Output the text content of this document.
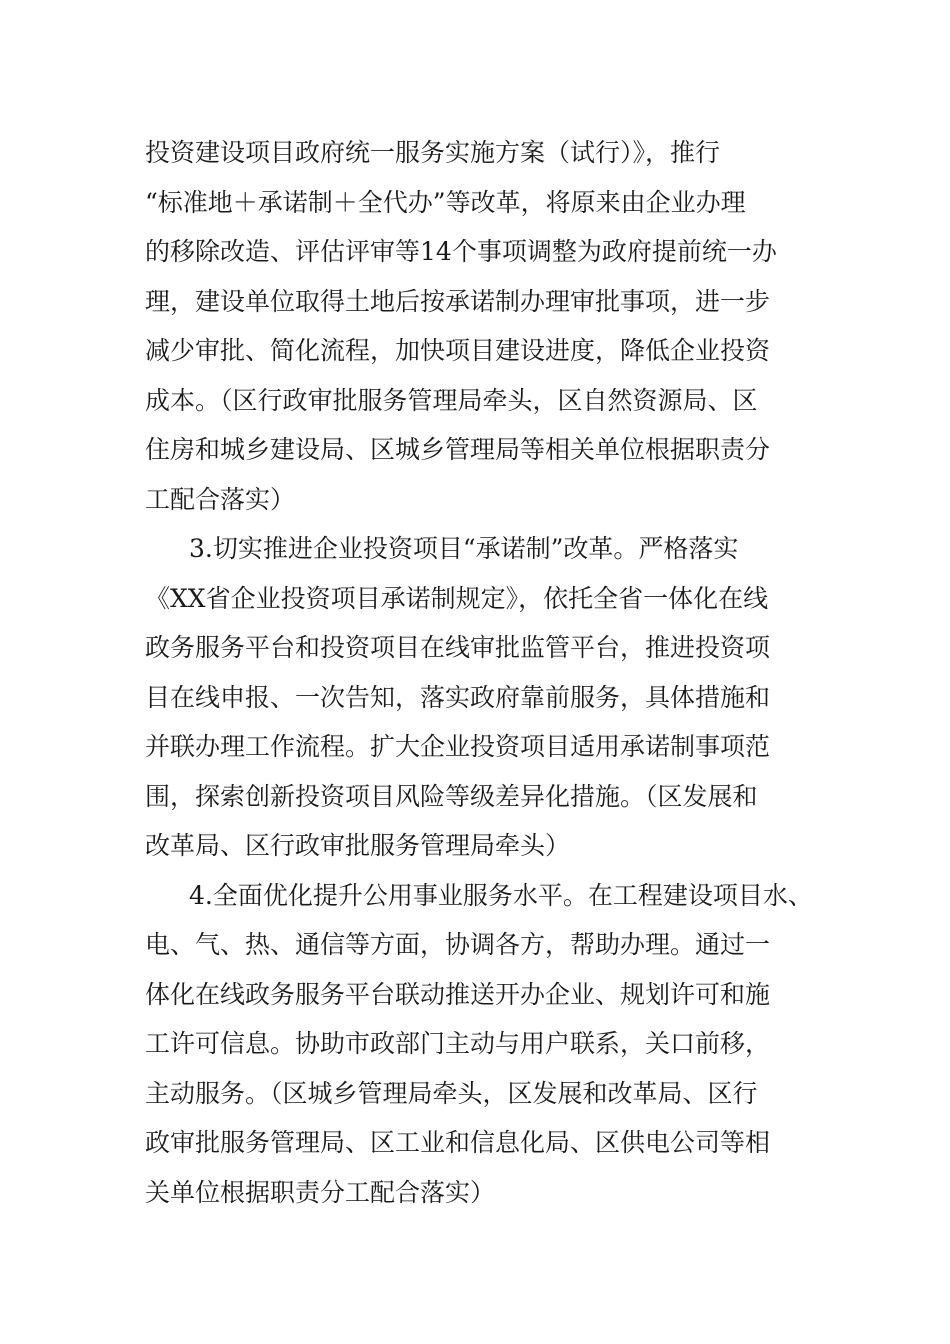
投资建设项目政府统一服务实施方案（试行）》，推行
“标准地＋承诺制＋全代办”等改革，将原来由企业办理
的移除改造、评估评审等14个事项调整为政府提前统一办
理，建设单位取得土地后按承诺制办理审批事项，进一步
减少审批、简化流程，加快项目建设进度，降低企业投资
成本。（区行政审批服务管理局牵头，区自然资源局、区
住房和城乡建设局、区城乡管理局等相关单位根据职责分
工配合落实）
3.切实推进企业投资项目“承诺制”改革。严格落实
《XX省企业投资项目承诺制规定》，依托全省一体化在线
政务服务平台和投资项目在线审批监管平台，推进投资项
目在线申报、一次告知，落实政府靠前服务，具体措施和
并联办理工作流程。扩大企业投资项目适用承诺制事项范
围，探索创新投资项目风险等级差异化措施。（区发展和
改革局、区行政审批服务管理局牵头）
4.全面优化提升公用事业服务水平。在工程建设项目水、
电、气、热、通信等方面，协调各方，帮助办理。通过一
体化在线政务服务平台联动推送开办企业、规划许可和施
工许可信息。协助市政部门主动与用户联系，关口前移，
主动服务。（区城乡管理局牵头，区发展和改革局、区行
政审批服务管理局、区工业和信息化局、区供电公司等相
关单位根据职责分工配合落实）
